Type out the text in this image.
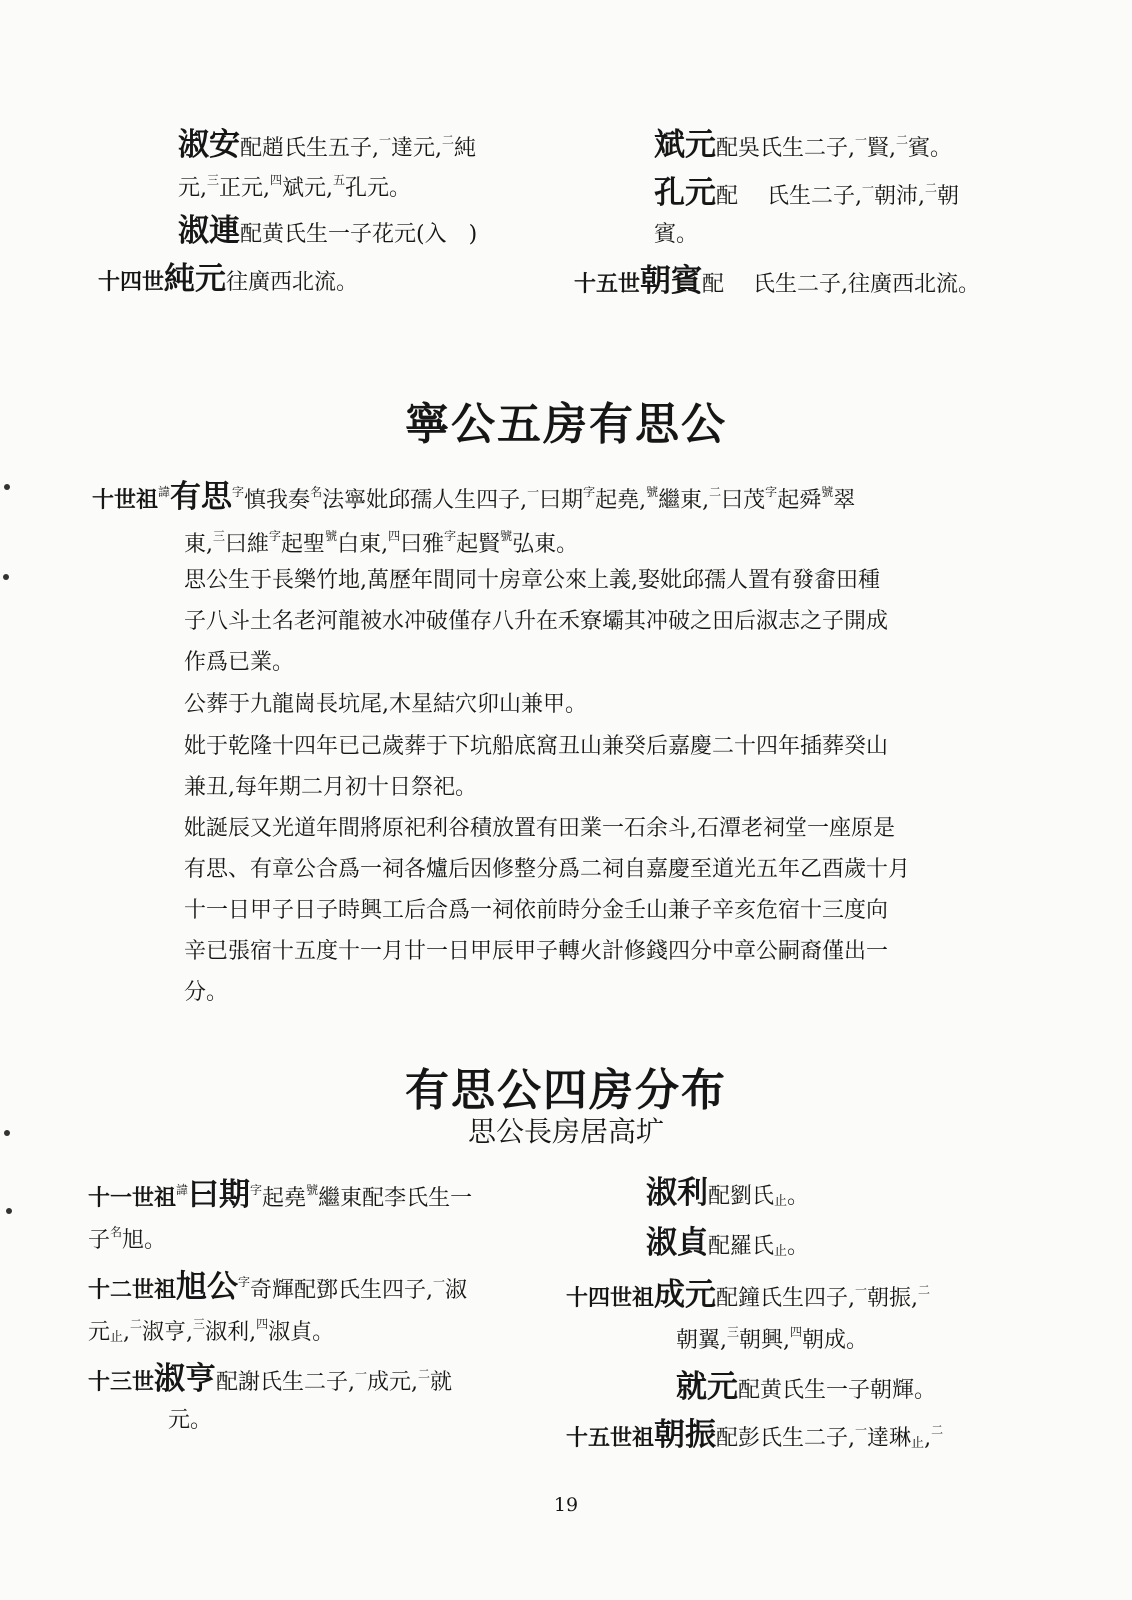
淑安配趙氏生五子,$^一$達元,$^二$純
元,$^三$正元,$^四$斌元,$^五$孔元。
淑連配黄氏生一子花元(入　)
十四世純元往廣西北流。
斌元配吳氏生二子,$^一$賢,$^二$賓。
孔元配　 氏生二子,$^一$朝沛,$^二$朝
賓。
十五世朝賓配　 氏生二子,往廣西北流。
寧公五房有思公
十世祖$^諱$有思$^字$慎我奏$^名$法寧妣邱孺人生四子,$^一$曰期$^字$起堯,$^號$繼東,$^二$曰茂$^字$起舜$^號$翠
東,$^三$曰維$^字$起聖$^號$白東,$^四$曰雅$^字$起賢$^號$弘東。
思公生于長樂竹地,萬歷年間同十房章公來上義,娶妣邱孺人置有發畲田種
子八斗土名老河龍被水冲破僅存八升在禾寮壩其冲破之田后淑志之子開成
作爲已業。
公葬于九龍崗長坑尾,木星結穴卯山兼甲。
妣于乾隆十四年已己歲葬于下坑船底窩丑山兼癸后嘉慶二十四年插葬癸山
兼丑,每年期二月初十日祭祀。
妣誕辰又光道年間將原祀利谷積放置有田業一石余斗,石潭老祠堂一座原是
有思、有章公合爲一祠各爐后因修整分爲二祠自嘉慶至道光五年乙酉歲十月
十一日甲子日子時興工后合爲一祠依前時分金壬山兼子辛亥危宿十三度向
辛已張宿十五度十一月廿一日甲辰甲子轉火計修錢四分中章公嗣裔僅出一
分。
有思公四房分布
思公長房居高圹
十一世祖$^諱$曰期$^字$起堯$^號$繼東配李氏生一
子$^名$旭。
十二世祖旭公$^字$奇輝配鄧氏生四子,$^一$淑
元止,$^二$淑亨,$^三$淑利,$^四$淑貞。
十三世淑亨配謝氏生二子,$^一$成元,$^二$就
元。
淑利配劉氏止。
淑貞配羅氏止。
十四世祖成元配鐘氏生四子,$^一$朝振,$^二$
朝翼,$^三$朝興,$^四$朝成。
就元配黄氏生一子朝輝。
十五世祖朝振配彭氏生二子,$^一$達琳止,$^二$
19
